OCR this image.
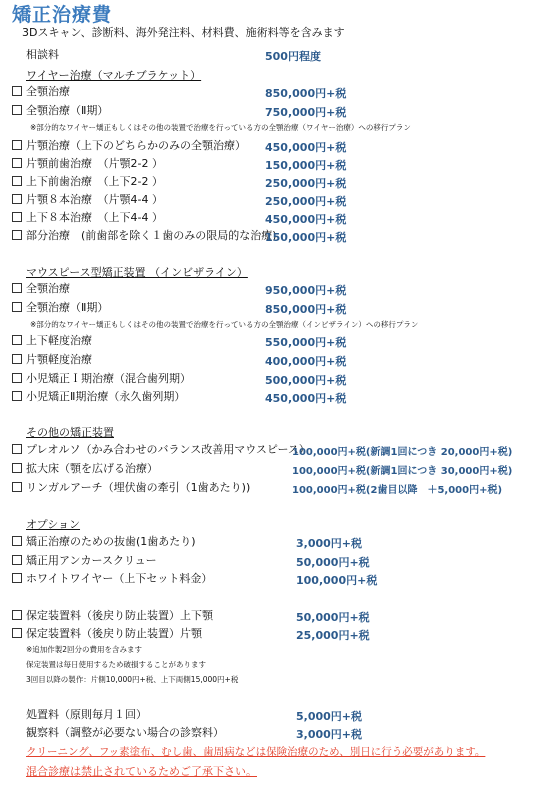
矯正治療費
3Dスキャン、診断料、海外発注料、材料費、施術料等を含みます
相談料	500円程度
ワイヤー治療（マルチブラケット）
全顎治療	850,000円+税
全顎治療（Ⅱ期）	750,000円+税
※部分的なワイヤー矯正もしくはその他の装置で治療を行っている方の全顎治療（ワイヤー治療）への移行プラン
片顎治療（上下のどちらかのみの全顎治療） 450,000円+税
片顎前歯治療　（片顎2-2 ）	150,000円+税
上下前歯治療　（上下2-2 ）	250,000円+税
片顎８本治療　（片顎4-4 ）	250,000円+税
上下８本治療　（上下4-4 ）	450,000円+税
部分治療　(前歯部を除く１歯のみの限局的な治療)
150,000円+税
マウスピース型矯正装置 （インビザライン）
全顎治療	950,000円+税
全顎治療（Ⅱ期）	850,000円+税
※部分的なワイヤー矯正もしくはその他の装置で治療を行っている方の全顎治療（インビザライン）への移行プラン
上下軽度治療	550,000円+税
片顎軽度治療	400,000円+税
小児矯正Ｉ期治療（混合歯列期）	500,000円+税
小児矯正Ⅱ期治療（永久歯列期）	450,000円+税
その他の矯正装置
プレオルソ（かみ合わせのバランス改善用マウスピース）
100,000円+税(新調1回につき 20,000円+税)
拡大床（顎を広げる治療）	100,000円+税(新調1回につき 30,000円+税)
リンガルアーチ（埋伏歯の牽引（1歯あたり))	100,000円+税(2歯目以降　＋5,000円+税)
オプション
矯正治療のための抜歯(1歯あたり)	3,000円+税
矯正用アンカースクリュー	50,000円+税
ホワイトワイヤー（上下セット料金）	100,000円+税
保定装置料（後戻り防止装置）上下顎	50,000円+税
保定装置料（後戻り防止装置）片顎	25,000円+税
※追加作製2回分の費用を含みます
保定装置は毎日使用するため破損することがあります
3回目以降の製作：片側10,000円+税、上下両側15,000円+税
処置料（原則毎月１回）	5,000円+税
観察料（調整が必要ない場合の診察料）	3,000円+税
クリーニング、フッ素塗布、むし歯、歯周病などは保険治療のため、別日に行う必要があります。
混合診療は禁止されているためご了承下さい。
